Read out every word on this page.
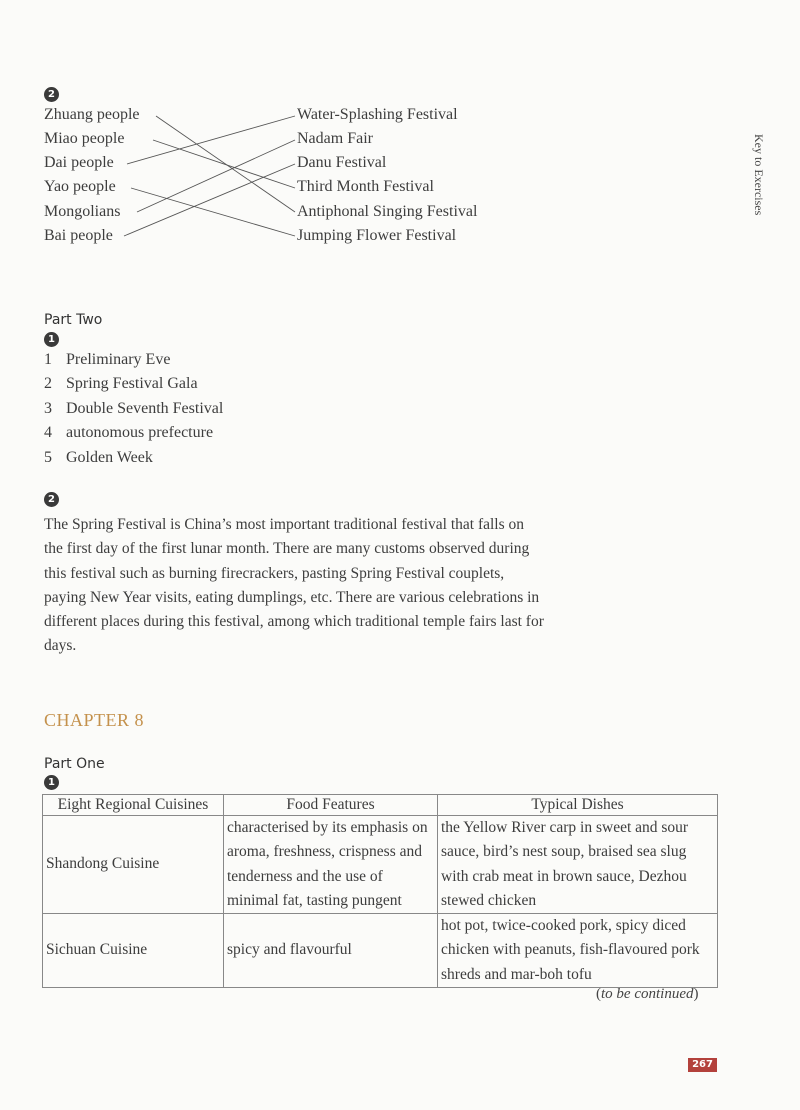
2
Zhuang people
Miao people
Dai people
Yao people
Mongolians
Bai people
Water-Splashing Festival
Nadam Fair
Danu Festival
Third Month Festival
Antiphonal Singing Festival
Jumping Flower Festival
Key to Exercises
Part Two
1
1 Preliminary Eve
2 Spring Festival Gala
3 Double Seventh Festival
4 autonomous prefecture
5 Golden Week
2

The Spring Festival is China’s most important traditional festival that falls on the first day of the first lunar month. There are many customs observed during this festival such as burning firecrackers, pasting Spring Festival couplets, paying New Year visits, eating dumplings, etc. There are various celebrations in different places during this festival, among which traditional temple fairs last for days.

CHAPTER 8
Part One
1
Eight Regional Cuisines	Food Features	Typical Dishes
Shandong Cuisine	characterised by its emphasis on aroma, freshness, crispness and tenderness and the use of minimal fat, tasting pungent	the Yellow River carp in sweet and sour sauce, bird’s nest soup, braised sea slug with crab meat in brown sauce, Dezhou stewed chicken
Sichuan Cuisine	spicy and flavourful	hot pot, twice-cooked pork, spicy diced chicken with peanuts, fish-flavoured pork shreds and mar-boh tofu
(to be continued)
267
